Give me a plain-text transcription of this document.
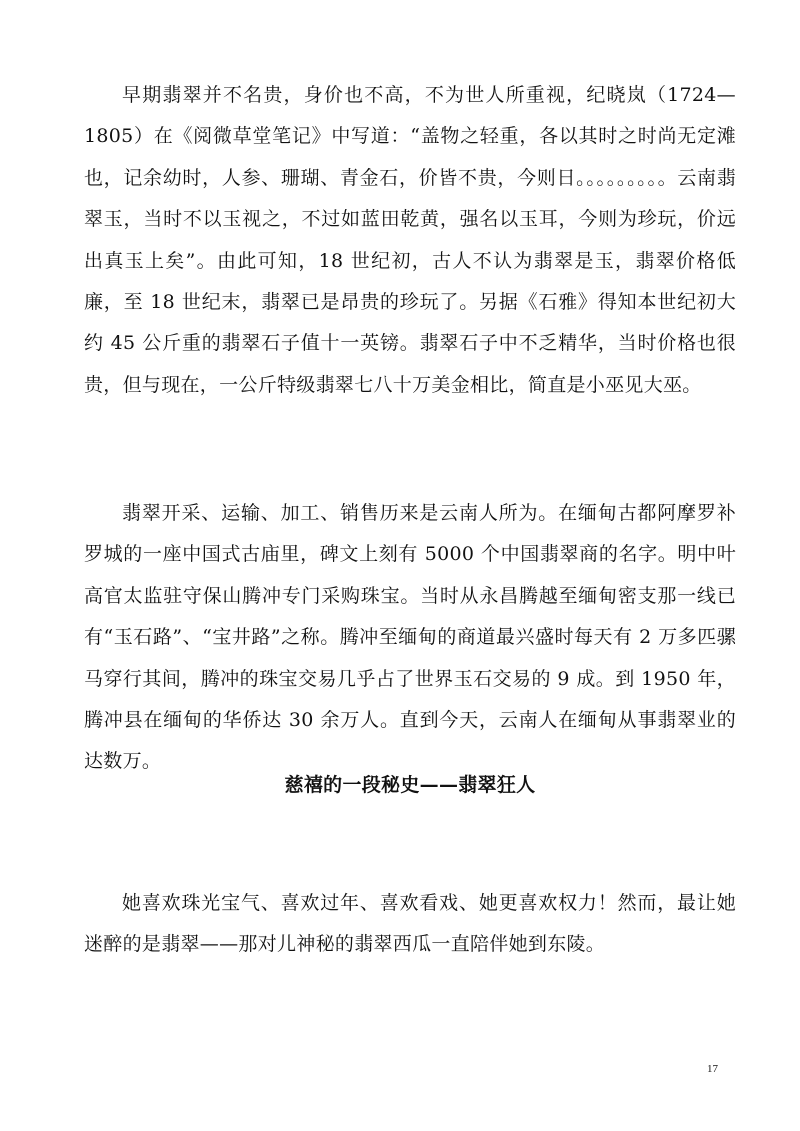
早期翡翠并不名贵，身价也不高，不为世人所重视，纪晓岚（1724—1805）在《阅微草堂笔记》中写道：“盖物之轻重，各以其时之时尚无定滩也，记余幼时，人参、珊瑚、青金石，价皆不贵，今则日。。。。。。。。。云南翡翠玉，当时不以玉视之，不过如蓝田乾黄，强名以玉耳，今则为珍玩，价远出真玉上矣”。由此可知，18 世纪初，古人不认为翡翠是玉，翡翠价格低廉，至 18 世纪末，翡翠已是昂贵的珍玩了。另据《石雅》得知本世纪初大约 45 公斤重的翡翠石子值十一英镑。翡翠石子中不乏精华，当时价格也很贵，但与现在，一公斤特级翡翠七八十万美金相比，简直是小巫见大巫。

翡翠开采、运输、加工、销售历来是云南人所为。在缅甸古都阿摩罗补罗城的一座中国式古庙里，碑文上刻有 5000 个中国翡翠商的名字。明中叶高官太监驻守保山腾冲专门采购珠宝。当时从永昌腾越至缅甸密支那一线已有“玉石路”、“宝井路”之称。腾冲至缅甸的商道最兴盛时每天有 2 万多匹骡马穿行其间，腾冲的珠宝交易几乎占了世界玉石交易的 9 成。到 1950 年，腾冲县在缅甸的华侨达 30 余万人。直到今天，云南人在缅甸从事翡翠业的达数万。

慈禧的一段秘史——翡翠狂人

她喜欢珠光宝气、喜欢过年、喜欢看戏、她更喜欢权力！然而，最让她迷醉的是翡翠——那对儿神秘的翡翠西瓜一直陪伴她到东陵。

17
